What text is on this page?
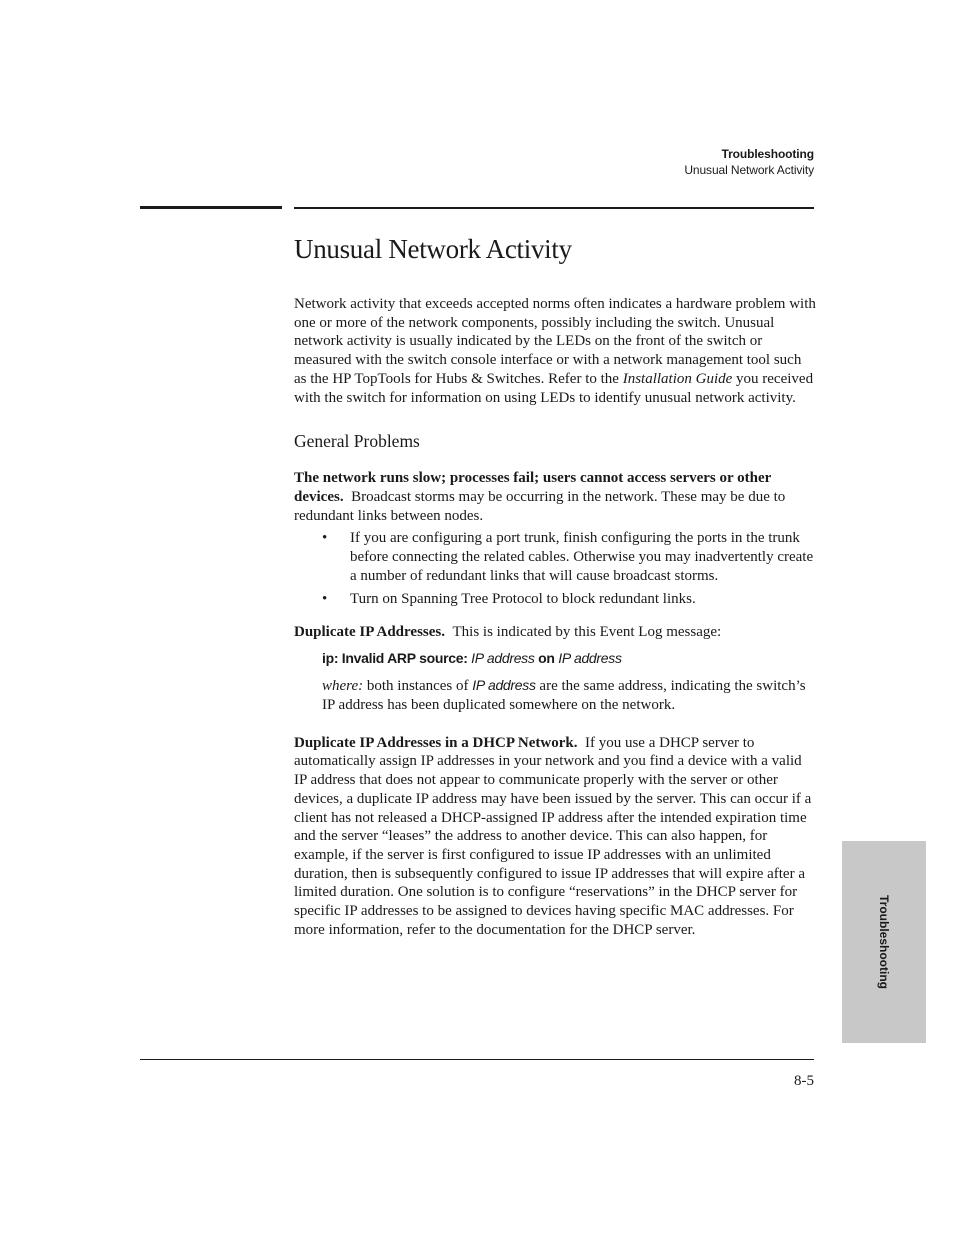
Troubleshooting
Unusual Network Activity
Unusual Network Activity

Network activity that exceeds accepted norms often indicates a hardware problem with one or more of the network components, possibly including the switch. Unusual network activity is usually indicated by the LEDs on the front of the switch or measured with the switch console interface or with a network management tool such as the HP TopTools for Hubs & Switches. Refer to the Installation Guide you received with the switch for information on using LEDs to identify unusual network activity.

General Problems

The network runs slow; processes fail; users cannot access servers or other devices. Broadcast storms may be occurring in the network. These may be due to redundant links between nodes.

• If you are configuring a port trunk, finish configuring the ports in the trunk before connecting the related cables. Otherwise you may inadvertently create a number of redundant links that will cause broadcast storms.
• Turn on Spanning Tree Protocol to block redundant links.

Duplicate IP Addresses. This is indicated by this Event Log message:

ip: Invalid ARP source: IP address on IP address

where: both instances of IP address are the same address, indicating the switch’s IP address has been duplicated somewhere on the network.

Duplicate IP Addresses in a DHCP Network. If you use a DHCP server to automatically assign IP addresses in your network and you find a device with a valid IP address that does not appear to communicate properly with the server or other devices, a duplicate IP address may have been issued by the server. This can occur if a client has not released a DHCP-assigned IP address after the intended expiration time and the server “leases” the address to another device. This can also happen, for example, if the server is first configured to issue IP addresses with an unlimited duration, then is subsequently configured to issue IP addresses that will expire after a limited duration. One solution is to configure “reservations” in the DHCP server for specific IP addresses to be assigned to devices having specific MAC addresses. For more information, refer to the documentation for the DHCP server.

8-5
Troubleshooting
